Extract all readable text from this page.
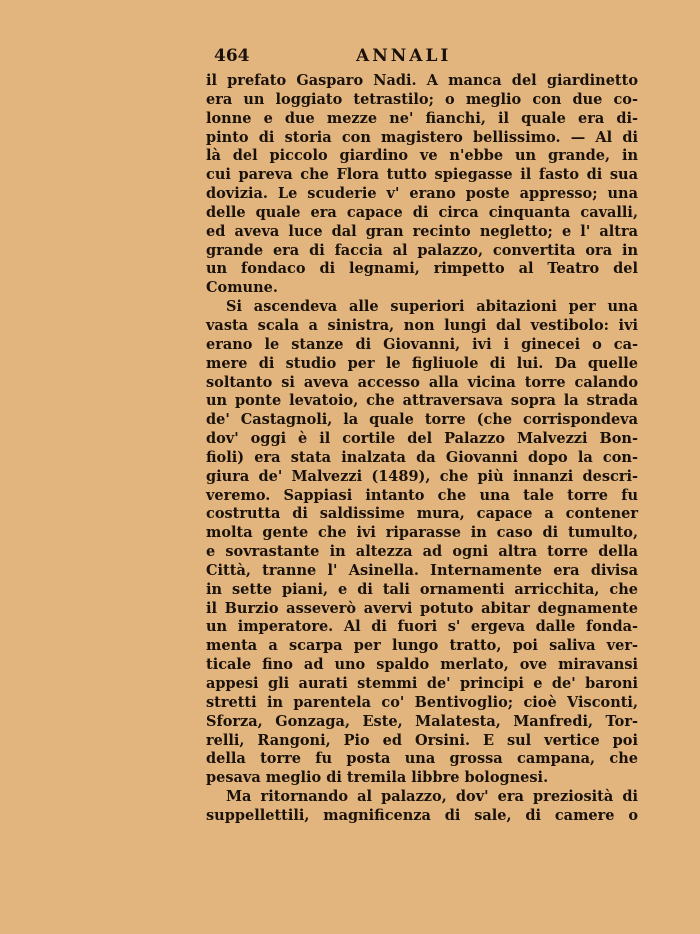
464	ANNALI

il prefato Gasparo Nadi. A manca del giardinetto
era un loggiato tetrastilo; o meglio con due co-
lonne e due mezze ne' fianchi, il quale era di-
pinto di storia con magistero bellissimo. — Al di
là del piccolo giardino ve n'ebbe un grande, in
cui pareva che Flora tutto spiegasse il fasto di sua
dovizia. Le scuderie v' erano poste appresso; una
delle quale era capace di circa cinquanta cavalli,
ed aveva luce dal gran recinto negletto; e l' altra
grande era di faccia al palazzo, convertita ora in
un fondaco di legnami, rimpetto al Teatro del
Comune.

Si ascendeva alle superiori abitazioni per una
vasta scala a sinistra, non lungi dal vestibolo: ivi
erano le stanze di Giovanni, ivi i ginecei o ca-
mere di studio per le figliuole di lui. Da quelle
soltanto si aveva accesso alla vicina torre calando
un ponte levatoio, che attraversava sopra la strada
de' Castagnoli, la quale torre (che corrispondeva
dov' oggi è il cortile del Palazzo Malvezzi Bon-
fioli) era stata inalzata da Giovanni dopo la con-
giura de' Malvezzi (1489), che più innanzi descri-
veremo. Sappiasi intanto che una tale torre fu
costrutta di saldissime mura, capace a contener
molta gente che ivi riparasse in caso di tumulto,
e sovrastante in altezza ad ogni altra torre della
Città, tranne l' Asinella. Internamente era divisa
in sette piani, e di tali ornamenti arricchita, che
il Burzio asseverò avervi potuto abitar degnamente
un imperatore. Al di fuori s' ergeva dalle fonda-
menta a scarpa per lungo tratto, poi saliva ver-
ticale fino ad uno spaldo merlato, ove miravansi
appesi gli aurati stemmi de' principi e de' baroni
stretti in parentela co' Bentivoglio; cioè Visconti,
Sforza, Gonzaga, Este, Malatesta, Manfredi, Tor-
relli, Rangoni, Pio ed Orsini. E sul vertice poi
della torre fu posta una grossa campana, che
pesava meglio di tremila libbre bolognesi.

Ma ritornando al palazzo, dov' era preziosità di
suppellettili, magnificenza di sale, di camere o
